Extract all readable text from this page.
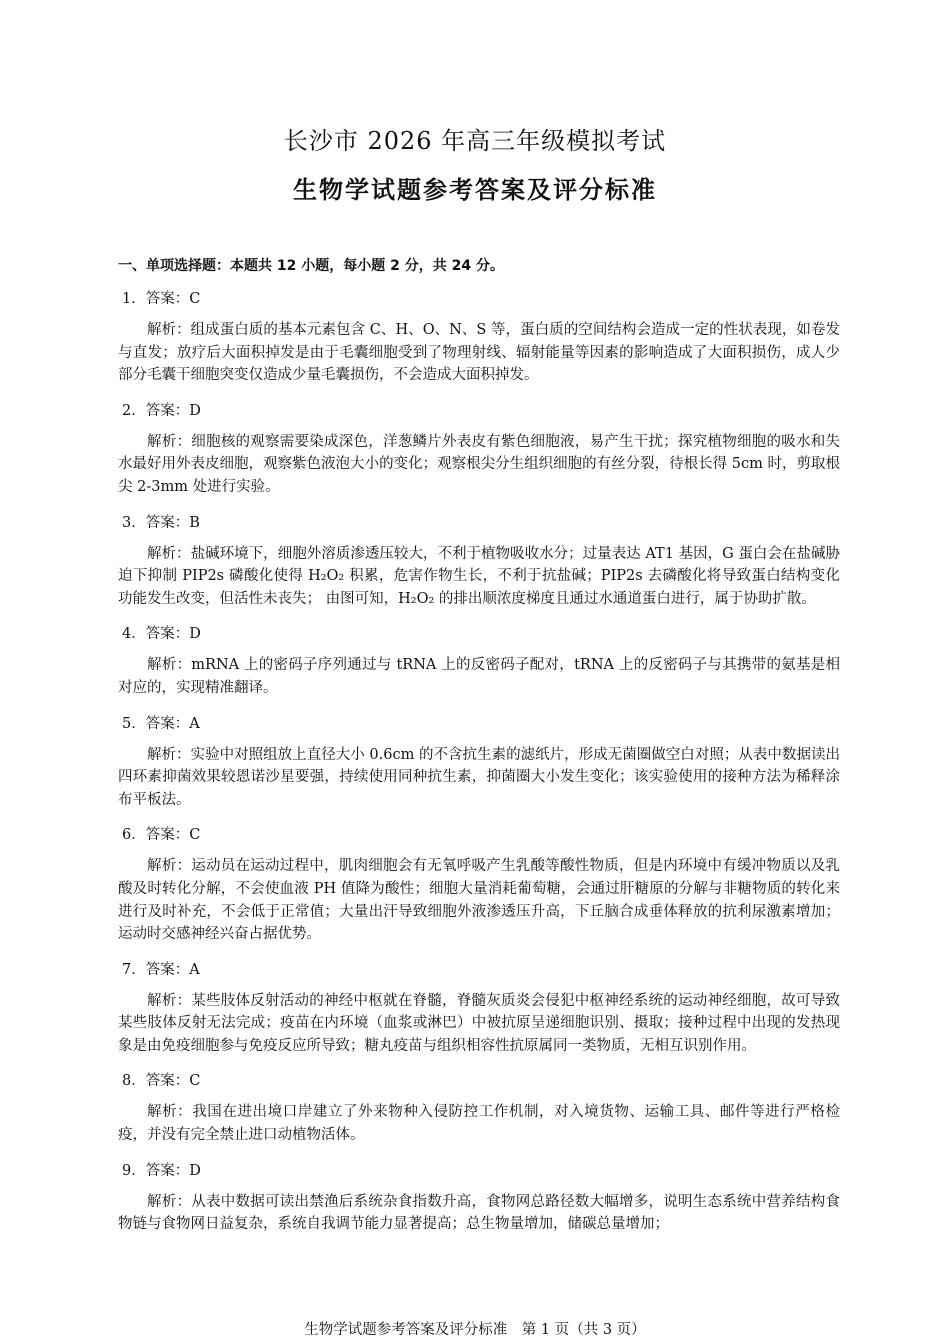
长沙市 2026 年高三年级模拟考试
生物学试题参考答案及评分标准
一、单项选择题：本题共 12 小题，每小题 2 分，共 24 分。
1．答案：C
解析：组成蛋白质的基本元素包含 C、H、O、N、S 等，蛋白质的空间结构会造成一定的性状表现，如卷发与直发；放疗后大面积掉发是由于毛囊细胞受到了物理射线、辐射能量等因素的影响造成了大面积损伤，成人少部分毛囊干细胞突变仅造成少量毛囊损伤，不会造成大面积掉发。
2．答案：D
解析：细胞核的观察需要染成深色，洋葱鳞片外表皮有紫色细胞液，易产生干扰；探究植物细胞的吸水和失水最好用外表皮细胞，观察紫色液泡大小的变化；观察根尖分生组织细胞的有丝分裂，待根长得 5cm 时，剪取根尖 2-3mm 处进行实验。
3．答案：B
解析：盐碱环境下，细胞外溶质渗透压较大，不利于植物吸收水分；过量表达 AT1 基因，G 蛋白会在盐碱胁迫下抑制 PIP2s 磷酸化使得 H₂O₂ 积累，危害作物生长，不利于抗盐碱；PIP2s 去磷酸化将导致蛋白结构变化功能发生改变，但活性未丧失； 由图可知，H₂O₂ 的排出顺浓度梯度且通过水通道蛋白进行，属于协助扩散。
4．答案：D
解析：mRNA 上的密码子序列通过与 tRNA 上的反密码子配对，tRNA 上的反密码子与其携带的氨基是相对应的，实现精准翻译。
5．答案：A
解析：实验中对照组放上直径大小 0.6cm 的不含抗生素的滤纸片，形成无菌圈做空白对照；从表中数据读出四环素抑菌效果较恩诺沙星要强，持续使用同种抗生素，抑菌圈大小发生变化；该实验使用的接种方法为稀释涂布平板法。
6．答案：C
解析：运动员在运动过程中，肌肉细胞会有无氧呼吸产生乳酸等酸性物质，但是内环境中有缓冲物质以及乳酸及时转化分解，不会使血液 PH 值降为酸性；细胞大量消耗葡萄糖，会通过肝糖原的分解与非糖物质的转化来进行及时补充，不会低于正常值；大量出汗导致细胞外液渗透压升高，下丘脑合成垂体释放的抗利尿激素增加；运动时交感神经兴奋占据优势。
7．答案：A
解析：某些肢体反射活动的神经中枢就在脊髓，脊髓灰质炎会侵犯中枢神经系统的运动神经细胞，故可导致某些肢体反射无法完成；疫苗在内环境（血浆或淋巴）中被抗原呈递细胞识别、摄取；接种过程中出现的发热现象是由免疫细胞参与免疫反应所导致；糖丸疫苗与组织相容性抗原属同一类物质，无相互识别作用。
8．答案：C
解析：我国在进出境口岸建立了外来物种入侵防控工作机制，对入境货物、运输工具、邮件等进行严格检疫，并没有完全禁止进口动植物活体。
9．答案：D
解析：从表中数据可读出禁渔后系统杂食指数升高，食物网总路径数大幅增多，说明生态系统中营养结构食物链与食物网日益复杂，系统自我调节能力显著提高；总生物量增加，储碳总量增加；
生物学试题参考答案及评分标准　第 1 页（共 3 页）
